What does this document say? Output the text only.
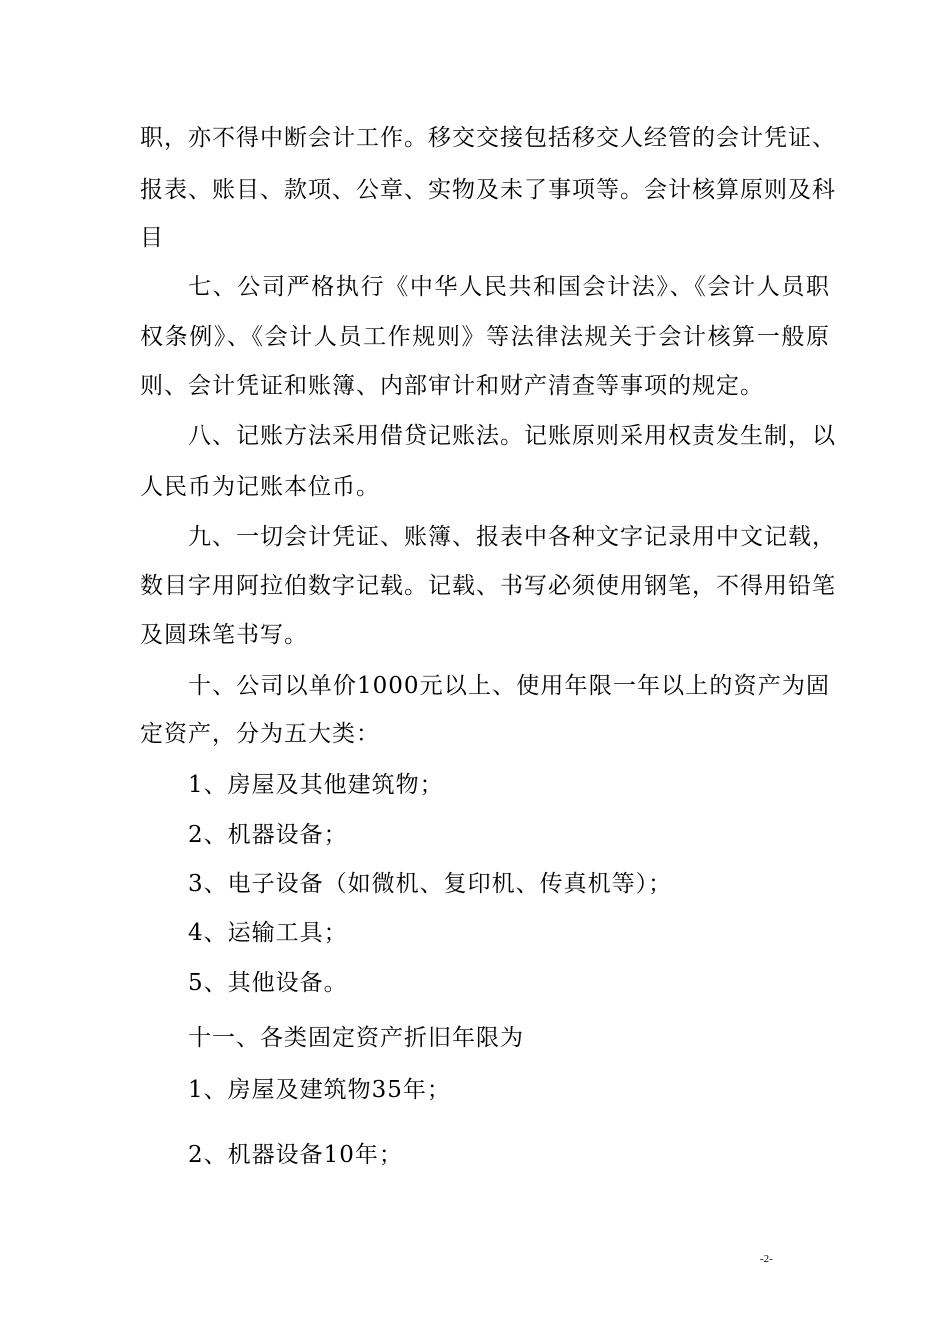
职，亦不得中断会计工作。移交交接包括移交人经管的会计凭证、
报表、账目、款项、公章、实物及未了事项等。会计核算原则及科
目
七、公司严格执行《中华人民共和国会计法》、《会计人员职
权条例》、《会计人员工作规则》等法律法规关于会计核算一般原
则、会计凭证和账簿、内部审计和财产清查等事项的规定。
八、记账方法采用借贷记账法。记账原则采用权责发生制，以
人民币为记账本位币。
九、一切会计凭证、账簿、报表中各种文字记录用中文记载，
数目字用阿拉伯数字记载。记载、书写必须使用钢笔，不得用铅笔
及圆珠笔书写。
十、公司以单价1000元以上、使用年限一年以上的资产为固
定资产，分为五大类：
1、房屋及其他建筑物；
2、机器设备；
3、电子设备（如微机、复印机、传真机等）；
4、运输工具；
5、其他设备。
十一、各类固定资产折旧年限为
1、房屋及建筑物35年；
2、机器设备10年；
-2-
